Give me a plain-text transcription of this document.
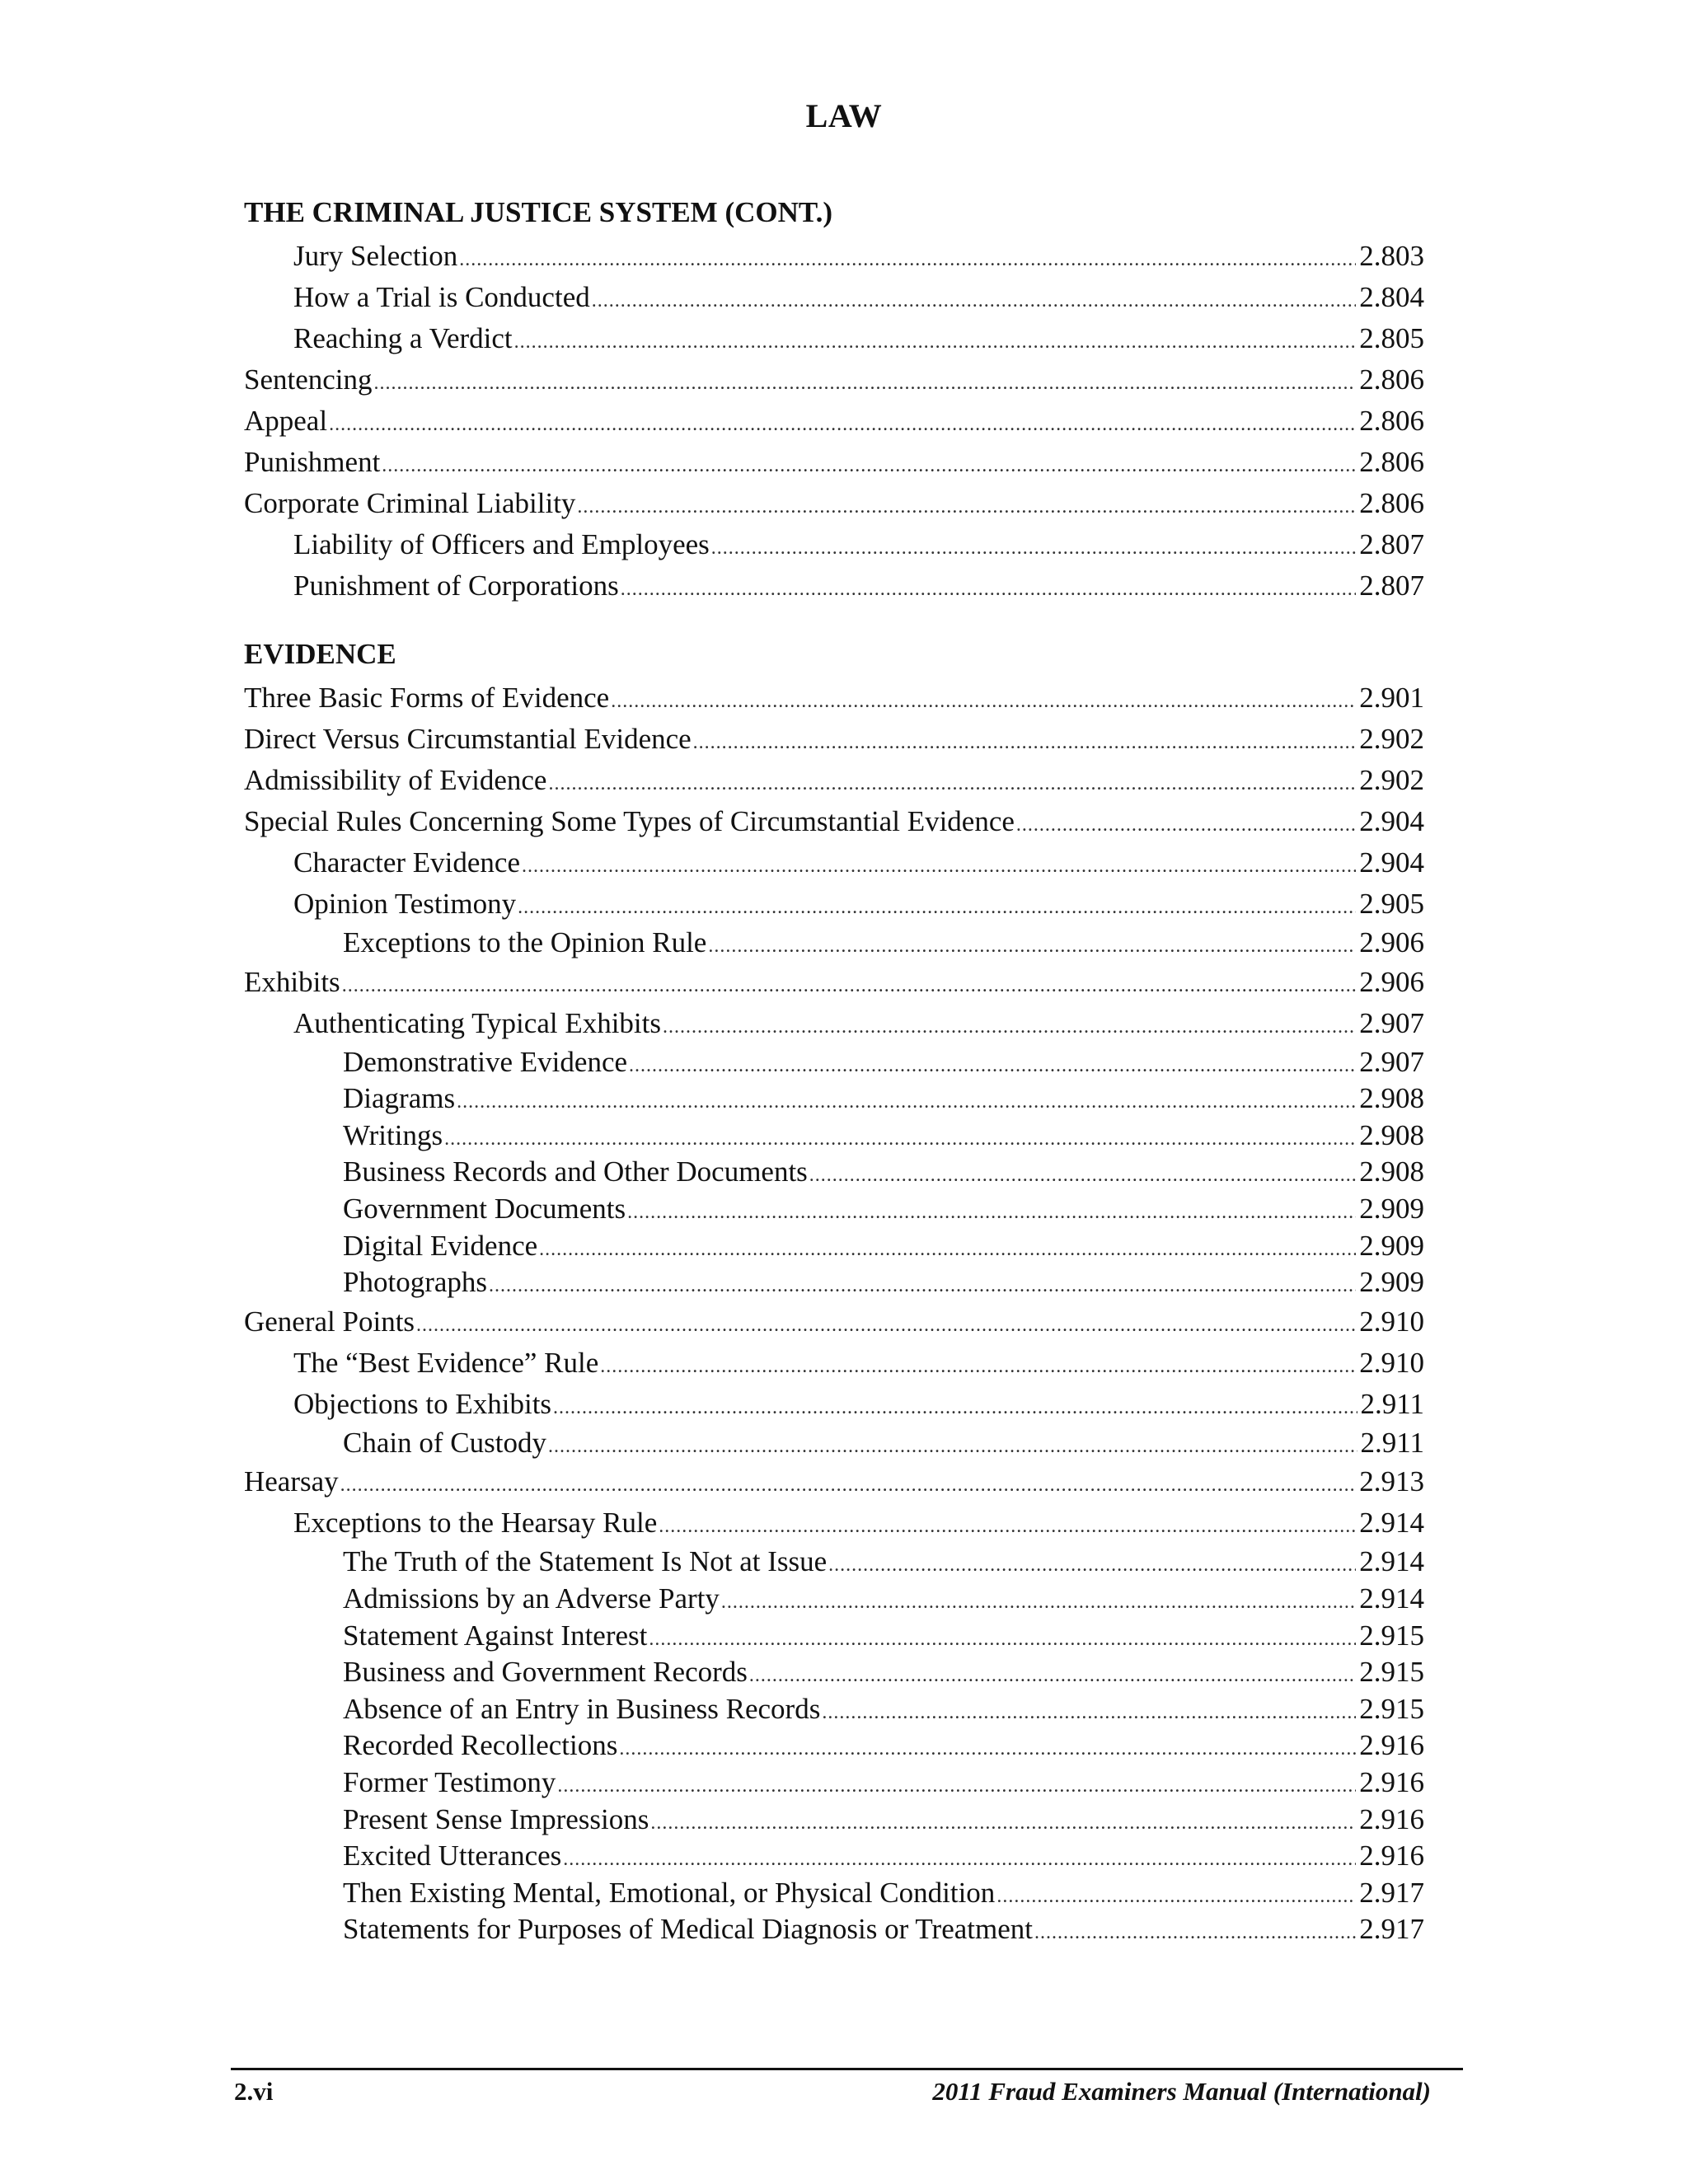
LAW
THE CRIMINAL JUSTICE SYSTEM (CONT.)
Jury Selection .....	2.803
How a Trial is Conducted .....	2.804
Reaching a Verdict .....	2.805
Sentencing .....	2.806
Appeal .....	2.806
Punishment .....	2.806
Corporate Criminal Liability .....	2.806
Liability of Officers and Employees .....	2.807
Punishment of Corporations .....	2.807
EVIDENCE
Three Basic Forms of Evidence .....	2.901
Direct Versus Circumstantial Evidence .....	2.902
Admissibility of Evidence .....	2.902
Special Rules Concerning Some Types of Circumstantial Evidence .....	2.904
Character Evidence .....	2.904
Opinion Testimony .....	2.905
Exceptions to the Opinion Rule .....	2.906
Exhibits .....	2.906
Authenticating Typical Exhibits .....	2.907
Demonstrative Evidence .....	2.907
Diagrams .....	2.908
Writings .....	2.908
Business Records and Other Documents .....	2.908
Government Documents .....	2.909
Digital Evidence .....	2.909
Photographs .....	2.909
General Points .....	2.910
The “Best Evidence” Rule .....	2.910
Objections to Exhibits .....	2.911
Chain of Custody .....	2.911
Hearsay .....	2.913
Exceptions to the Hearsay Rule .....	2.914
The Truth of the Statement Is Not at Issue .....	2.914
Admissions by an Adverse Party .....	2.914
Statement Against Interest .....	2.915
Business and Government Records .....	2.915
Absence of an Entry in Business Records .....	2.915
Recorded Recollections .....	2.916
Former Testimony .....	2.916
Present Sense Impressions .....	2.916
Excited Utterances .....	2.916
Then Existing Mental, Emotional, or Physical Condition .....	2.917
Statements for Purposes of Medical Diagnosis or Treatment .....	2.917
2.vi	2011 Fraud Examiners Manual (International)
